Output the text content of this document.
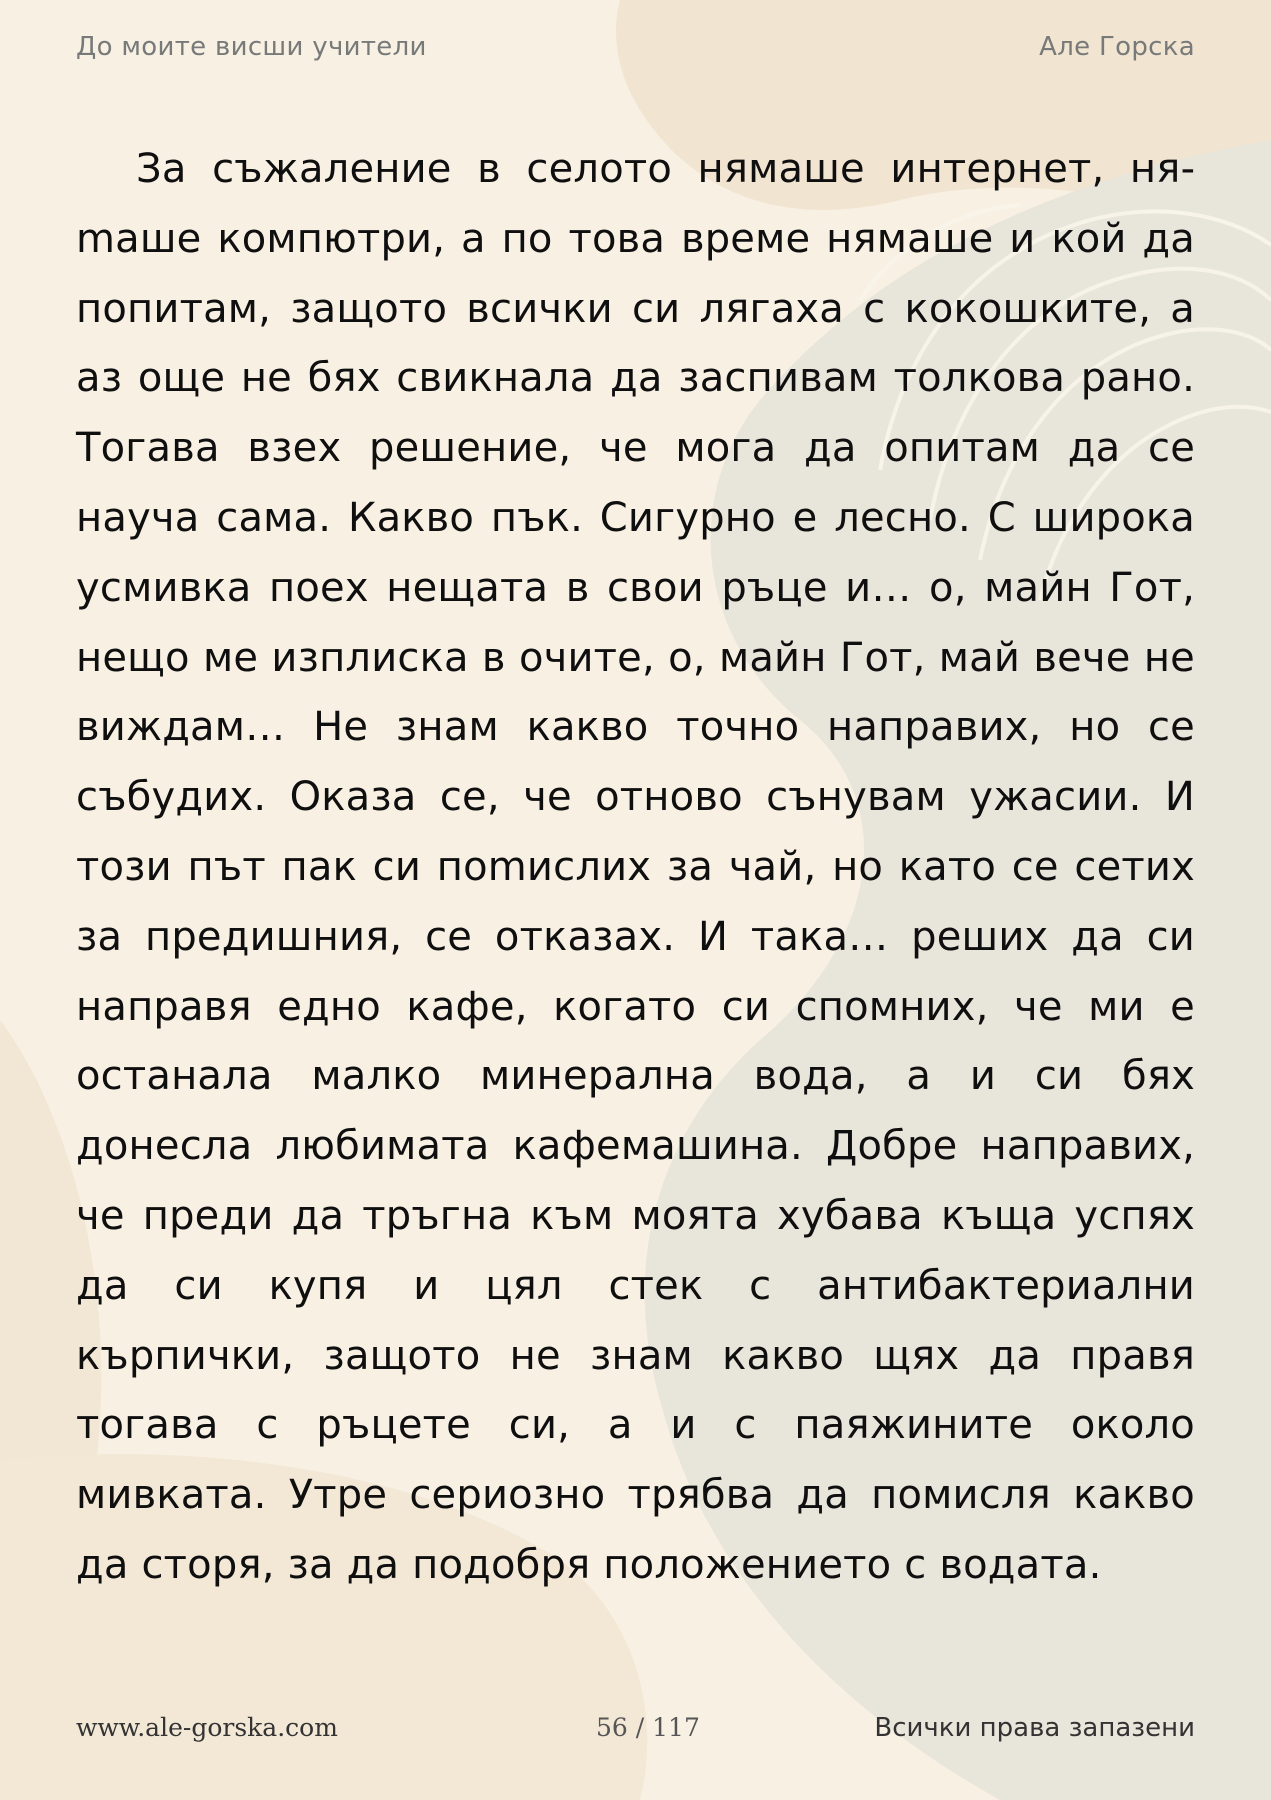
До моите висши учители	Але Горска

За съжаление в селото нямаше интернет, няmаше компютри, а по това време нямаше и кой да попитам, защото всички си лягаха с кокошките, а аз още не бях свикнала да заспивам толкова рано. Тогава взех решение, че мога да опитам да се науча сама. Какво пък. Сигурно е лесно. С широка усмивка поех нещата в свои ръце и… о, майн Гот, нещо ме изплиска в очите, о, майн Гот, май вече не виждам… Не знам какво точно направих, но се събудих. Оказа се, че отново сънувам ужасии. И този път пак си поmислих за чай, но като се сетих за предишния, се отказах. И така… реших да си направя едно кафе, когато си спомних, че ми е останала малко минерална вода, а и си бях донесла любимата кафемашина. Добре направих, че преди да тръгна към моята хубава къща успях да си купя и цял стек с антибактериални кърпички, защото не знам какво щях да правя тогава с ръцете си, а и с паяжините около мивката. Утре сериозно трябва да помисля какво да сторя, за да подобря положението с водата.

www.ale-gorska.com	56 / 117	Всички права запазени
